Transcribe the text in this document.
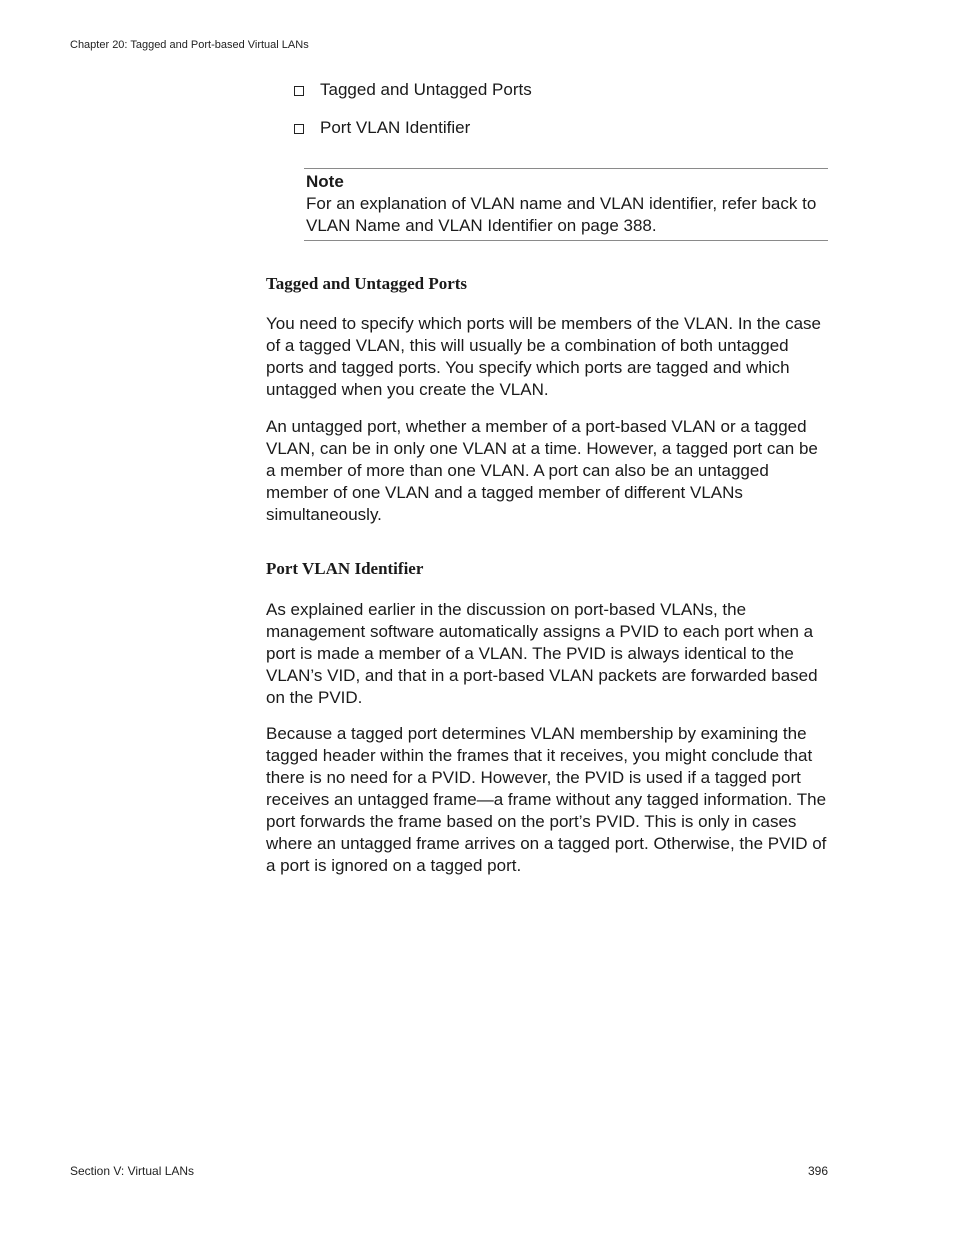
Chapter 20: Tagged and Port-based Virtual LANs
Tagged and Untagged Ports
Port VLAN Identifier
Note
For an explanation of VLAN name and VLAN identifier, refer back to VLAN Name and VLAN Identifier on page 388.
Tagged and Untagged Ports

You need to specify which ports will be members of the VLAN. In the case of a tagged VLAN, this will usually be a combination of both untagged ports and tagged ports. You specify which ports are tagged and which untagged when you create the VLAN.

An untagged port, whether a member of a port-based VLAN or a tagged VLAN, can be in only one VLAN at a time. However, a tagged port can be a member of more than one VLAN. A port can also be an untagged member of one VLAN and a tagged member of different VLANs simultaneously.

Port VLAN Identifier

As explained earlier in the discussion on port-based VLANs, the management software automatically assigns a PVID to each port when a port is made a member of a VLAN. The PVID is always identical to the VLAN’s VID, and that in a port-based VLAN packets are forwarded based on the PVID.

Because a tagged port determines VLAN membership by examining the tagged header within the frames that it receives, you might conclude that there is no need for a PVID. However, the PVID is used if a tagged port receives an untagged frame—a frame without any tagged information. The port forwards the frame based on the port’s PVID. This is only in cases where an untagged frame arrives on a tagged port. Otherwise, the PVID of a port is ignored on a tagged port.

Section V: Virtual LANs	396
